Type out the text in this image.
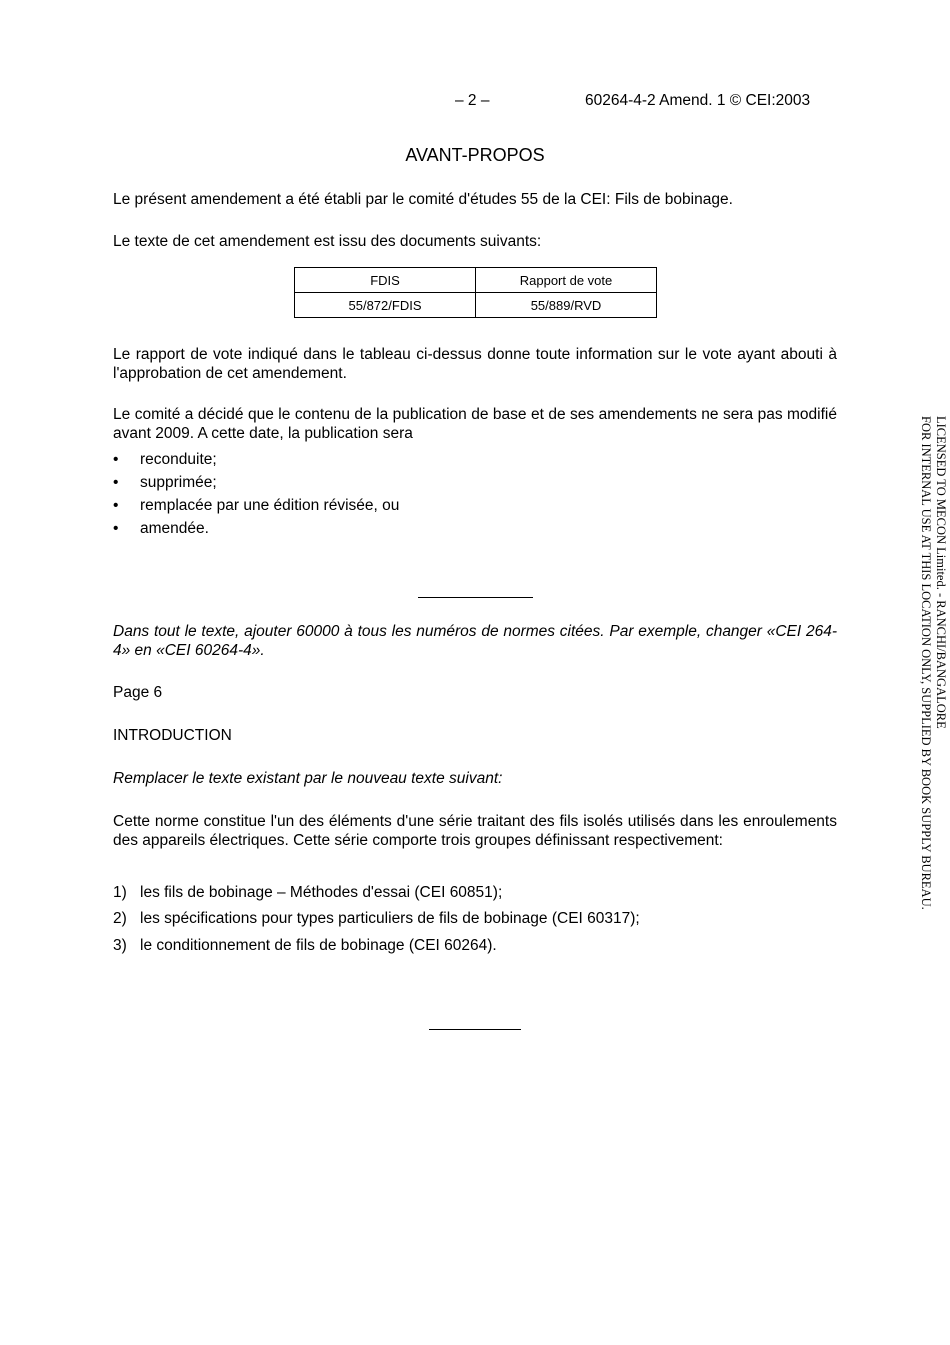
– 2 –	60264-4-2 Amend. 1 © CEI:2003
AVANT-PROPOS
Le présent amendement a été établi par le comité d'études 55 de la CEI: Fils de bobinage.
Le texte de cet amendement est issu des documents suivants:
FDIS	Rapport de vote
55/872/FDIS	55/889/RVD
Le rapport de vote indiqué dans le tableau ci-dessus donne toute information sur le vote ayant abouti à l'approbation de cet amendement.
Le comité a décidé que le contenu de la publication de base et de ses amendements ne sera pas modifié avant 2009. A cette date, la publication sera
• reconduite;
• supprimée;
• remplacée par une édition révisée, ou
• amendée.
Dans tout le texte, ajouter 60000 à tous les numéros de normes citées. Par exemple, changer «CEI 264-4» en «CEI 60264-4».
Page 6
INTRODUCTION
Remplacer le texte existant par le nouveau texte suivant:
Cette norme constitue l'un des éléments d'une série traitant des fils isolés utilisés dans les enroulements des appareils électriques. Cette série comporte trois groupes définissant respectivement:
1) les fils de bobinage – Méthodes d'essai (CEI 60851);
2) les spécifications pour types particuliers de fils de bobinage (CEI 60317);
3) le conditionnement de fils de bobinage (CEI 60264).
LICENSED TO MECON Limited. - RANCHI/BANGALORE
FOR INTERNAL USE AT THIS LOCATION ONLY, SUPPLIED BY BOOK SUPPLY BUREAU.
